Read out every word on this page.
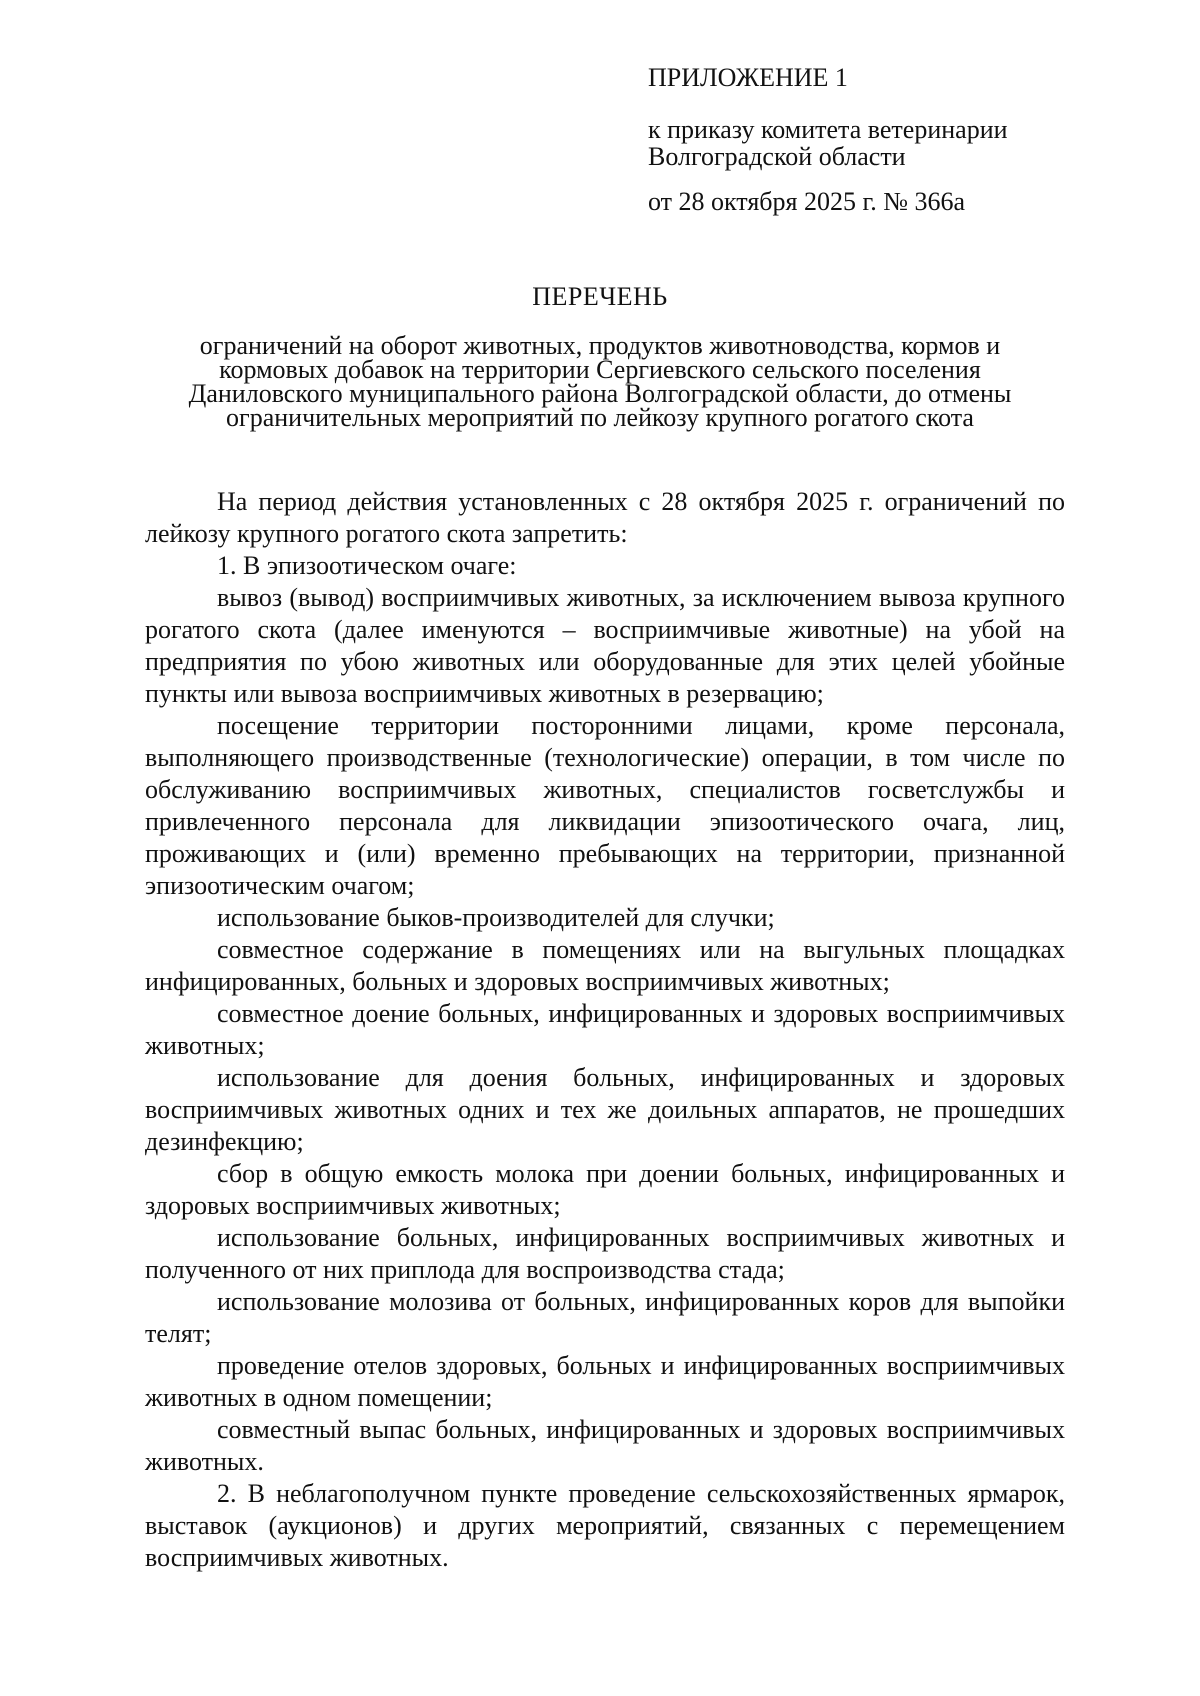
ПРИЛОЖЕНИЕ 1
к приказу комитета ветеринарии Волгоградской области
от 28 октября 2025 г. № 366а
ПЕРЕЧЕНЬ
ограничений на оборот животных, продуктов животноводства, кормов и кормовых добавок на территории Сергиевского сельского поселения Даниловского муниципального района Волгоградской области, до отмены ограничительных мероприятий по лейкозу крупного рогатого скота

На период действия установленных с 28 октября 2025 г. ограничений по лейкозу крупного рогатого скота запретить:

1. В эпизоотическом очаге:

вывоз (вывод) восприимчивых животных, за исключением вывоза крупного рогатого скота (далее именуются – восприимчивые животные) на убой на предприятия по убою животных или оборудованные для этих целей убойные пункты или вывоза восприимчивых животных в резервацию;

посещение территории посторонними лицами, кроме персонала, выполняющего производственные (технологические) операции, в том числе по обслуживанию восприимчивых животных, специалистов госветслужбы и привлеченного персонала для ликвидации эпизоотического очага, лиц, проживающих и (или) временно пребывающих на территории, признанной эпизоотическим очагом;

использование быков-производителей для случки;

совместное содержание в помещениях или на выгульных площадках инфицированных, больных и здоровых восприимчивых животных;

совместное доение больных, инфицированных и здоровых восприимчивых животных;

использование для доения больных, инфицированных и здоровых восприимчивых животных одних и тех же доильных аппаратов, не прошедших дезинфекцию;

сбор в общую емкость молока при доении больных, инфицированных и здоровых восприимчивых животных;

использование больных, инфицированных восприимчивых животных и полученного от них приплода для воспроизводства стада;

использование молозива от больных, инфицированных коров для выпойки телят;

проведение отелов здоровых, больных и инфицированных восприимчивых животных в одном помещении;

совместный выпас больных, инфицированных и здоровых восприимчивых животных.

2. В неблагополучном пункте проведение сельскохозяйственных ярмарок, выставок (аукционов) и других мероприятий, связанных с перемещением восприимчивых животных.
